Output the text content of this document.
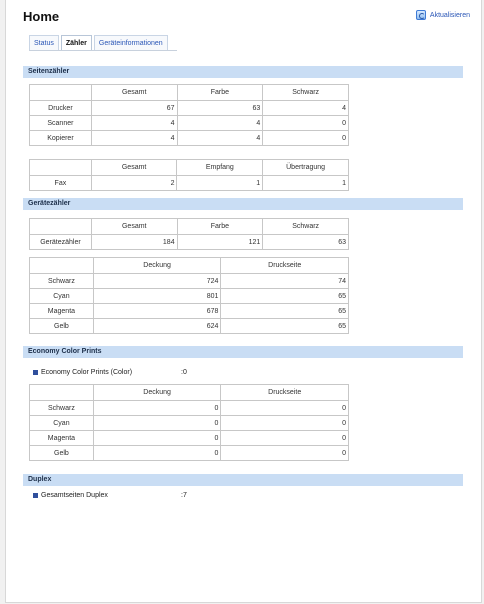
Home	Aktualisieren
Status	Zähler	Geräteinformationen
Seitenzähler
	Gesamt	Farbe	Schwarz
Drucker	67	63	4
Scanner	4	4	0
Kopierer	4	4	0
	Gesamt	Empfang	Übertragung
Fax	2	1	1
Gerätezähler
	Gesamt	Farbe	Schwarz
Gerätezähler	184	121	63
	Deckung	Druckseite
Schwarz	724	74
Cyan	801	65
Magenta	678	65
Gelb	624	65
Economy Color Prints
Economy Color Prints (Color)	:0
	Deckung	Druckseite
Schwarz	0	0
Cyan	0	0
Magenta	0	0
Gelb	0	0
Duplex
Gesamtseiten Duplex	:7
